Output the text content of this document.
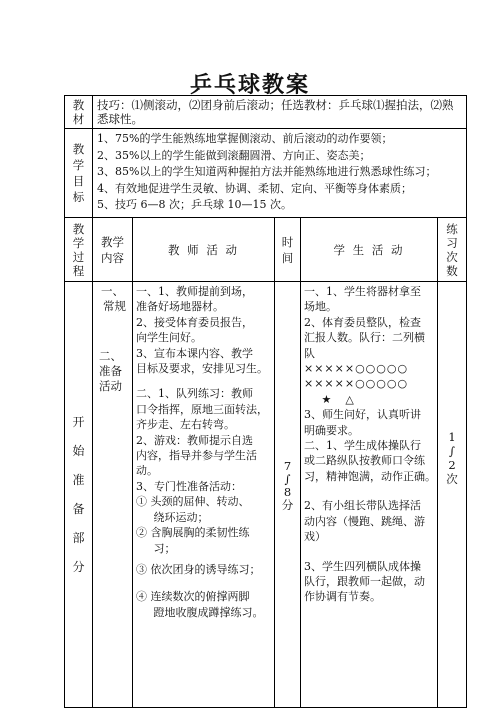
乒乓球教案
教
材
技巧：⑴侧滚动，⑵团身前后滚动；任选教材：乒乓球⑴握拍法，⑵熟悉球性。
教
学
目
标
1、75%的学生能熟练地掌握侧滚动、前后滚动的动作要领；
2、35%以上的学生能做到滚翻圆滑、方向正、姿态美；
3、85%以上的学生知道两种握拍方法并能熟练地进行熟悉球性练习；
4、有效地促进学生灵敏、协调、柔韧、定向、平衡等身体素质；
5、技巧 6—8 次；乒乓球 10—15 次。
教
学
过
程
教学
内容
教 师 活 动
时
间
学 生 活 动
练
习
次
数
开
始
准
备
部
分
一、
常规
二、
准备
活动
一、1、教师提前到场，
准备好场地器材。
2、接受体育委员报告，
向学生问好。
3、宣布本课内容、教学
目标及要求，安排见习生。
二、1、队列练习：教师
口令指挥，原地三面转法，
齐步走、左右转弯。
2、游戏：教师提示自选
内容，指导并参与学生活
动。
3、专门性准备活动：
① 头颈的屈伸、转动、
绕环运动；
② 含胸展胸的柔韧性练
习；
③ 依次团身的诱导练习；
④ 连续数次的俯撑两脚
蹬地收腹成蹲撑练习。
7
∫
8
分
一、1、学生将器材拿至
场地。
2、体育委员整队，检查
汇报人数。队行：二列横
队
×××××○○○○○
×××××○○○○○
★    △
3、师生问好，认真听讲
明确要求。
二、1、学生成体操队行
或二路纵队按教师口令练
习，精神饱满，动作正确。
2、有小组长带队选择活
动内容（慢跑、跳绳、游
戏）
3、学生四列横队成体操
队行，跟教师一起做，动
作协调有节奏。
1
∫
2
次
